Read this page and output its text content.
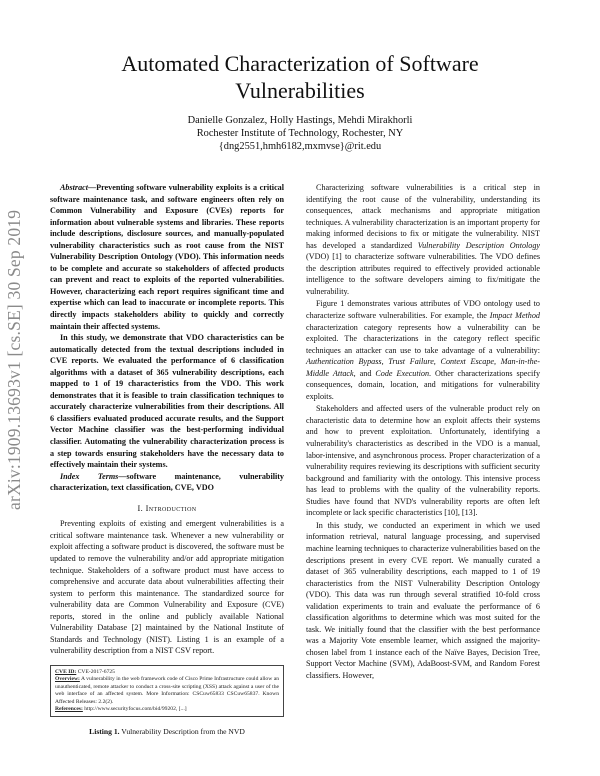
arXiv:1909.13693v1 [cs.SE] 30 Sep 2019
Automated Characterization of Software Vulnerabilities
Danielle Gonzalez, Holly Hastings, Mehdi Mirakhorli
Rochester Institute of Technology, Rochester, NY
{dng2551,hmh6182,mxmvse}@rit.edu

Abstract—Preventing software vulnerability exploits is a critical software maintenance task, and software engineers often rely on Common Vulnerability and Exposure (CVEs) reports for information about vulnerable systems and libraries. These reports include descriptions, disclosure sources, and manually-populated vulnerability characteristics such as root cause from the NIST Vulnerability Description Ontology (VDO). This information needs to be complete and accurate so stakeholders of affected products can prevent and react to exploits of the reported vulnerabilities. However, characterizing each report requires significant time and expertise which can lead to inaccurate or incomplete reports. This directly impacts stakeholders ability to quickly and correctly maintain their affected systems.

In this study, we demonstrate that VDO characteristics can be automatically detected from the textual descriptions included in CVE reports. We evaluated the performance of 6 classification algorithms with a dataset of 365 vulnerability descriptions, each mapped to 1 of 19 characteristics from the VDO. This work demonstrates that it is feasible to train classification techniques to accurately characterize vulnerabilities from their descriptions. All 6 classifiers evaluated produced accurate results, and the Support Vector Machine classifier was the best-performing individual classifier. Automating the vulnerability characterization process is a step towards ensuring stakeholders have the necessary data to effectively maintain their systems.

Index Terms—software maintenance, vulnerability characterization, text classification, CVE, VDO

I. Introduction

Preventing exploits of existing and emergent vulnerabilities is a critical software maintenance task. Whenever a new vulnerability or exploit affecting a software product is discovered, the software must be updated to remove the vulnerability and/or add appropriate mitigation technique. Stakeholders of a software product must have access to comprehensive and accurate data about vulnerabilities affecting their system to perform this maintenance. The standardized source for vulnerability data are Common Vulnerability and Exposure (CVE) reports, stored in the online and publicly available National Vulnerability Database [2] maintained by the National Institute of Standards and Technology (NIST). Listing 1 is an example of a vulnerability description from a NIST CSV report.

CVE ID: CVE-2017-6725
Overview: A vulnerability in the web framework code of Cisco Prime Infrastructure could allow an unauthenticated, remote attacker to conduct a cross-site scripting (XSS) attack against a user of the web interface of an affected system. More Information: CSCuw65833 CSCuw65837. Known Affected Releases: 2.2(2).
References: http://www.securityfocus.com/bid/99202, [...]
Listing 1. Vulnerability Description from the NVD

Characterizing software vulnerabilities is a critical step in identifying the root cause of the vulnerability, understanding its consequences, attack mechanisms and appropriate mitigation techniques. A vulnerability characterization is an important property for making informed decisions to fix or mitigate the vulnerability. NIST has developed a standardized Vulnerability Description Ontology (VDO) [1] to characterize software vulnerabilities. The VDO defines the description attributes required to effectively provided actionable intelligence to the software developers aiming to fix/mitigate the vulnerability.

Figure 1 demonstrates various attributes of VDO ontology used to characterize software vulnerabilities. For example, the Impact Method characterization category represents how a vulnerability can be exploited. The characterizations in the category reflect specific techniques an attacker can use to take advantage of a vulnerability: Authentication Bypass, Trust Failure, Context Escape, Man-in-the-Middle Attack, and Code Execution. Other characterizations specify consequences, domain, location, and mitigations for vulnerability exploits.

Stakeholders and affected users of the vulnerable product rely on characteristic data to determine how an exploit affects their systems and how to prevent exploitation. Unfortunately, identifying a vulnerability's characteristics as described in the VDO is a manual, labor-intensive, and asynchronous process. Proper characterization of a vulnerability requires reviewing its descriptions with sufficient security background and familiarity with the ontology. This intensive process has lead to problems with the quality of the vulnerability reports. Studies have found that NVD's vulnerability reports are often left incomplete or lack specific characteristics [10], [13].

In this study, we conducted an experiment in which we used information retrieval, natural language processing, and supervised machine learning techniques to characterize vulnerabilities based on the descriptions present in every CVE report. We manually curated a dataset of 365 vulnerability descriptions, each mapped to 1 of 19 characteristics from the NIST Vulnerability Description Ontology (VDO). This data was run through several stratified 10-fold cross validation experiments to train and evaluate the performance of 6 classification algorithms to determine which was most suited for the task. We initially found that the classifier with the best performance was a Majority Vote ensemble learner, which assigned the majority-chosen label from 1 instance each of the Naïve Bayes, Decision Tree, Support Vector Machine (SVM), AdaBoost-SVM, and Random Forest classifiers. However,
